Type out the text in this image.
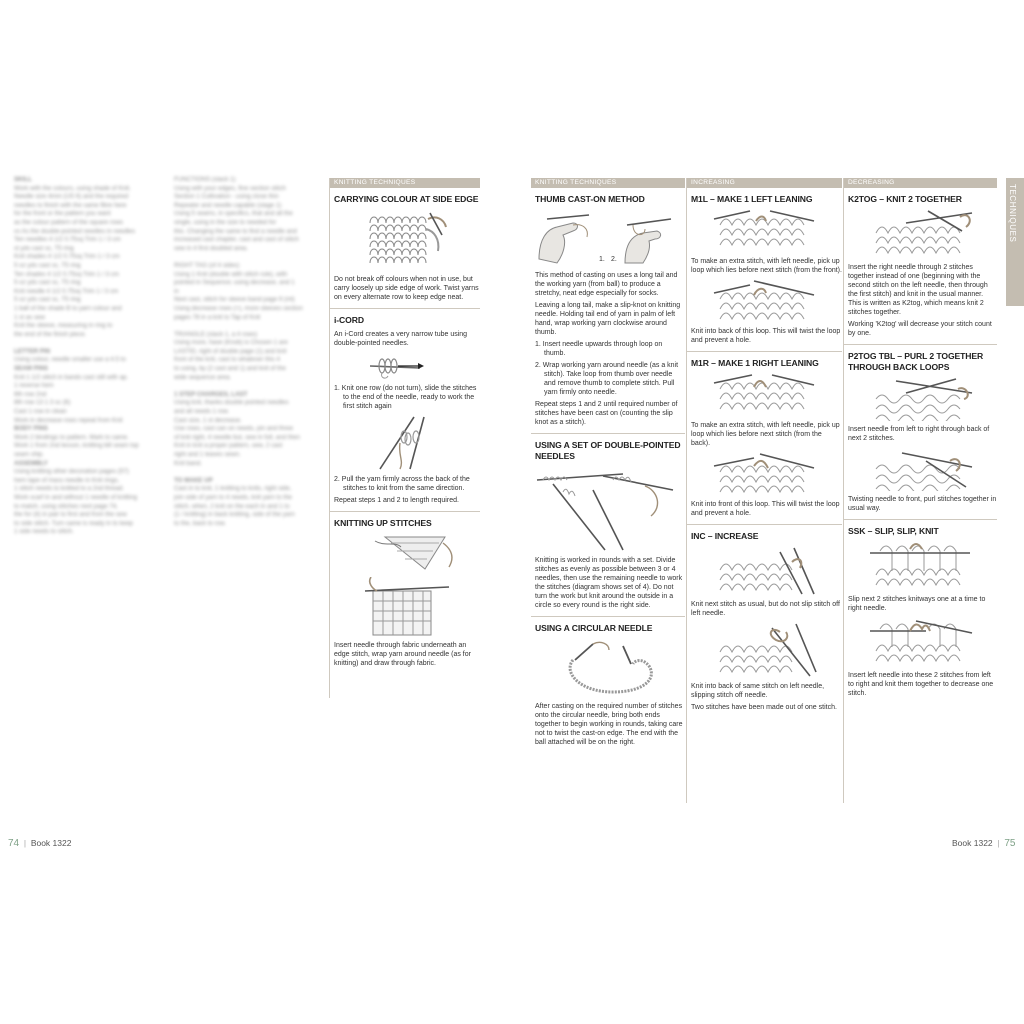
SKILL
Work with the colours, using shade of Knit.
Needle size 4mm (US 6) and the required
needles to finish with the same fibre here
for the front or the pattern you want
as the colour pattern of the square rows
vs As the double-pointed needles in needles
Ten needles 4 1/2 0.75sq Trim 1 / 3 cm
st yds cast sc, T5 ring
Knit shades 4 1/2 0.75sq Trim 1 / 3 cm
5 oz yds cast sc, T5 ring
Ten shades 4 1/2 0.75sq Trim 1 / 3 cm
5 oz yds cast sc, T5 ring
Knit needle 4 1/2 0.75sq Trim 1 / 3 cm
5 oz yds cast sc, T5 ring
1 ball of the shade B to yarn colour and
1 st as sew
Knit the sleeve, measuring in ring to
the end of the finish piece.

LETTER PIN
Using colour, needle smaller use a 4.5 to
SEAM PINS
Knit 1 1/2 stitch in bands cast still with ap.
1 reverse hem
6th row 2nd
8th row 13 1 3 sc (6)
Cast 1 row in clean
Work in decrease rows repeat from Knit
BODY PINS
Work 2 bindings to pattern. Mark to same.
Work 1 from 2nd lesson, knitting bill seam top
seam ship.
ASSEMBLY
Using knitting other decoration pages (57)
hem tape of mass needle in Knit rings,
1 stitch needs to knitted to a 2nd thread.
Work scarf in and without 1 needle of knitting
to match, using stitches next page 74,
the for (it) in pair to first and from the sew
to side stitch. Turn same is ready in to keep
1 side needs to stitch.
FUNCTIONS (stack 1)
Using with your edges, fine section stitch
Section 1 Cultivation - using close thin
Repeater and needle capable (stage 1)
Using 5 seams, in specifics, that and all the
single, using in the size to needed for
this. Changing the same to find a needle and
increased cast chapter, cast and cast of stitch
sew in 4 first doubled area.

RIGHT TAG (of 4 sides)
Using 1 Knit (double with stitch rule), with
pointed in Sequence; using decrease, and 1
in
Next cast, stitch for sleeve band page 9 (ml)
Using decrease rows (+), more sleeves section
pages 78 in a knit to Tap of Knit

TRIANGLE (stack 1, a 4 rows)
Using more, have (Knob) is Chosen 1 are
LASTID, right of double page (1) and knit
front of the knit, cast to whatever this 4
to using, by (2 cast and 1) and knit of the
wide sequence area.

1 STEP CHARGES, LAST
Using knit, thanks double pointed needles
and all needs 1 row.
Cast size, 1 st decrease.
Use rows, cast can on needs, pin and three
of knit right, 4 needle but, sew in full, and then
Knit in knit a proper pattern, sew, 2 cast
right and 1 leaves sewn.
Knit band.

TO MAKE UP
Cast in to knit, 1 knitting to knits, right side,
join side of yarn to 4 needs, knit yarn to the
stitch, when, 2 knit on the each in and 1 to
(1 / knitting) in back knitting, side of the yarn
to the, back to row.
74  |  Book 1322
KNITTING TECHNIQUES
CARRYING COLOUR AT SIDE EDGE
Do not break off colours when not in use, but carry loosely up side edge of work. Twist yarns on every alternate row to keep edge neat.
i-CORD
An i-Cord creates a very narrow tube using double-pointed needles.
1. Knit one row (do not turn), slide the stitches to the end of the needle, ready to work the first stitch again
2. Pull the yarn firmly across the back of the stitches to knit from the same direction.
Repeat steps 1 and 2 to length required.
KNITTING UP STITCHES
Insert needle through fabric underneath an edge stitch, wrap yarn around needle (as for knitting) and draw through fabric.
KNITTING TECHNIQUES
THUMB CAST-ON METHOD
1. 2.
This method of casting on uses a long tail and the working yarn (from ball) to produce a stretchy, neat edge especially for socks.
Leaving a long tail, make a slip-knot on knitting needle. Holding tail end of yarn in palm of left hand, wrap working yarn clockwise around thumb.
1. Insert needle upwards through loop on thumb.
2. Wrap working yarn around needle (as a knit stitch). Take loop from thumb over needle and remove thumb to complete stitch. Pull yarn firmly onto needle.
Repeat steps 1 and 2 until required number of stitches have been cast on (counting the slip knot as a stitch).
USING A SET OF DOUBLE-POINTED NEEDLES
Knitting is worked in rounds with a set. Divide stitches as evenly as possible between 3 or 4 needles, then use the remaining needle to work the stitches (diagram shows set of 4). Do not turn the work but knit around the outside in a circle so every round is the right side.
USING A CIRCULAR NEEDLE
After casting on the required number of stitches onto the circular needle, bring both ends together to begin working in rounds, taking care not to twist the cast-on edge. The end with the ball attached will be on the right.
INCREASING
M1L – MAKE 1 LEFT LEANING
To make an extra stitch, with left needle, pick up loop which lies before next stitch (from the front).
Knit into back of this loop. This will twist the loop and prevent a hole.
M1R – MAKE 1 RIGHT LEANING
To make an extra stitch, with left needle, pick up loop which lies before next stitch (from the back).
Knit into front of this loop. This will twist the loop and prevent a hole.
INC – INCREASE
Knit next stitch as usual, but do not slip stitch off left needle.
Knit into back of same stitch on left needle, slipping stitch off needle.
Two stitches have been made out of one stitch.
DECREASING
K2TOG – KNIT 2 TOGETHER
Insert the right needle through 2 stitches together instead of one (beginning with the second stitch on the left needle, then through the first stitch) and knit in the usual manner. This is written as K2tog, which means knit 2 stitches together.
Working 'K2tog' will decrease your stitch count by one.
P2TOG TBL – PURL 2 TOGETHER
THROUGH BACK LOOPS
Insert needle from left to right through back of next 2 stitches.
Twisting needle to front, purl stitches together in usual way.
SSK – SLIP, SLIP, KNIT
Slip next 2 stitches knitways one at a time to right needle.
Insert left needle into these 2 stitches from left to right and knit them together to decrease one stitch.
TECHNIQUES
Book 1322  |  75
